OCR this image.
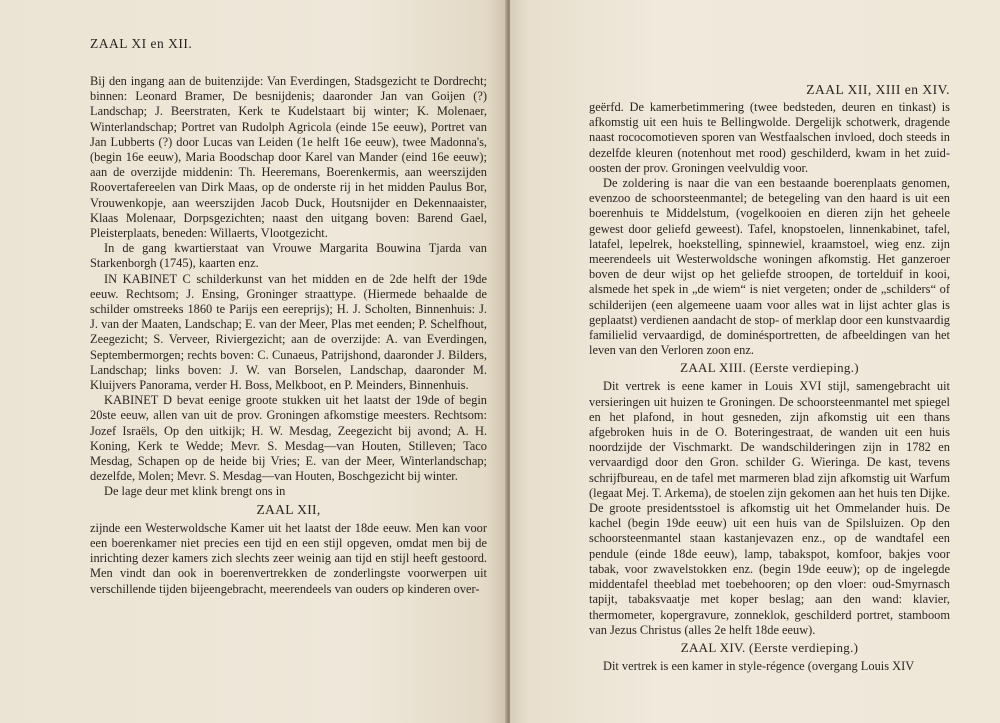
ZAAL XI en XII.

Bij den ingang aan de buitenzijde: Van Everdingen, Stadsgezicht te Dordrecht; binnen: Leonard Bramer, De besnijdenis; daaronder Jan van Goijen (?) Landschap; J. Beerstraten, Kerk te Kudelstaart bij winter; K. Molenaer, Winterlandschap; Portret van Rudolph Agricola (einde 15e eeuw), Portret van Jan Lubberts (?) door Lucas van Leiden (1e helft 16e eeuw), twee Madonna's, (begin 16e eeuw), Maria Boodschap door Karel van Mander (eind 16e eeuw); aan de overzijde middenin: Th. Heeremans, Boerenkermis, aan weerszijden Roovertafereelen van Dirk Maas, op de onderste rij in het midden Paulus Bor, Vrouwenkopje, aan weerszijden Jacob Duck, Houtsnijder en Dekennaaister, Klaas Molenaar, Dorpsgezichten; naast den uitgang boven: Barend Gael, Pleisterplaats, beneden: Willaerts, Vlootgezicht.

In de gang kwartierstaat van Vrouwe Margarita Bouwina Tjarda van Starkenborgh (1745), kaarten enz.

IN KABINET C schilderkunst van het midden en de 2de helft der 19de eeuw. Rechtsom; J. Ensing, Groninger straattype. (Hiermede behaalde de schilder omstreeks 1860 te Parijs een eereprijs); H. J. Scholten, Binnenhuis: J. J. van der Maaten, Landschap; E. van der Meer, Plas met eenden; P. Schelfhout, Zeegezicht; S. Verveer, Riviergezicht; aan de overzijde: A. van Everdingen, Septembermorgen; rechts boven: C. Cunaeus, Patrijshond, daaronder J. Bilders, Landschap; links boven: J. W. van Borselen, Landschap, daaronder M. Kluijvers Panorama, verder H. Boss, Melkboot, en P. Meinders, Binnenhuis.

KABINET D bevat eenige groote stukken uit het laatst der 19de of begin 20ste eeuw, allen van uit de prov. Groningen afkomstige meesters. Rechtsom: Jozef Israëls, Op den uitkijk; H. W. Mesdag, Zeegezicht bij avond; A. H. Koning, Kerk te Wedde; Mevr. S. Mesdag—van Houten, Stilleven; Taco Mesdag, Schapen op de heide bij Vries; E. van der Meer, Winterlandschap; dezelfde, Molen; Mevr. S. Mesdag—van Houten, Boschgezicht bij winter.

De lage deur met klink brengt ons in

ZAAL XII,

zijnde een Westerwoldsche Kamer uit het laatst der 18de eeuw. Men kan voor een boerenkamer niet precies een tijd en een stijl opgeven, omdat men bij de inrichting dezer kamers zich slechts zeer weinig aan tijd en stijl heeft gestoord. Men vindt dan ook in boerenvertrekken de zonderlingste voorwerpen uit verschillende tijden bijeengebracht, meerendeels van ouders op kinderen over-

ZAAL XII, XIII en XIV.

geërfd. De kamerbetimmering (twee bedsteden, deuren en tinkast) is afkomstig uit een huis te Bellingwolde. Dergelijk schotwerk, dragende naast rococomotieven sporen van Westfaalschen invloed, doch steeds in dezelfde kleuren (notenhout met rood) geschilderd, kwam in het zuid-oosten der prov. Groningen veelvuldig voor.

De zoldering is naar die van een bestaande boerenplaats genomen, evenzoo de schoorsteenmantel; de betegeling van den haard is uit een boerenhuis te Middelstum, (vogelkooien en dieren zijn het geheele gewest door geliefd geweest). Tafel, knopstoelen, linnenkabinet, tafel, latafel, lepelrek, hoekstelling, spinnewiel, kraamstoel, wieg enz. zijn meerendeels uit Westerwoldsche woningen afkomstig. Het ganzeroer boven de deur wijst op het geliefde stroopen, de tortelduif in kooi, alsmede het spek in „de wiem“ is niet vergeten; onder de „schilders“ of schilderijen (een algemeene uaam voor alles wat in lijst achter glas is geplaatst) verdienen aandacht de stop- of merklap door een kunstvaardig familielid vervaardigd, de dominésportretten, de afbeeldingen van het leven van den Verloren zoon enz.

ZAAL XIII. (Eerste verdieping.)

Dit vertrek is eene kamer in Louis XVI stijl, samengebracht uit versieringen uit huizen te Groningen. De schoorsteenmantel met spiegel en het plafond, in hout gesneden, zijn afkomstig uit een thans afgebroken huis in de O. Boteringestraat, de wanden uit een huis noordzijde der Vischmarkt. De wandschilderingen zijn in 1782 en vervaardigd door den Gron. schilder G. Wieringa. De kast, tevens schrijfbureau, en de tafel met marmeren blad zijn afkomstig uit Warfum (legaat Mej. T. Arkema), de stoelen zijn gekomen aan het huis ten Dijke. De groote presidentsstoel is afkomstig uit het Ommelander huis. De kachel (begin 19de eeuw) uit een huis van de Spilsluizen. Op den schoorsteenmantel staan kastanjevazen enz., op de wandtafel een pendule (einde 18de eeuw), lamp, tabakspot, komfoor, bakjes voor tabak, voor zwavelstokken enz. (begin 19de eeuw); op de ingelegde middentafel theeblad met toebehooren; op den vloer: oud-Smyrnasch tapijt, tabaksvaatje met koper beslag; aan den wand: klavier, thermometer, kopergravure, zonneklok, geschilderd portret, stamboom van Jezus Christus (alles 2e helft 18de eeuw).

ZAAL XIV. (Eerste verdieping.)

Dit vertrek is een kamer in style-régence (overgang Louis XIV
